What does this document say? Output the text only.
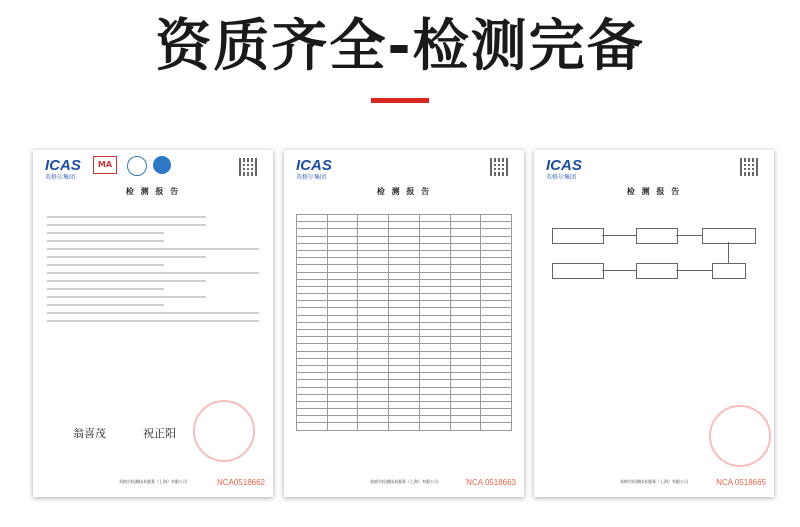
资质齐全-检测完备
ICAS
英格尔集团
MA
检 测 报 告
翁喜茂	祝正阳
NCA0518662
英格尔检测技术服务（上海）有限公司
ICAS
英格尔集团
检 测 报 告

NCA 0518663
英格尔检测技术服务（上海）有限公司
ICAS
英格尔集团
检 测 报 告
NCA 0518665
英格尔检测技术服务（上海）有限公司
